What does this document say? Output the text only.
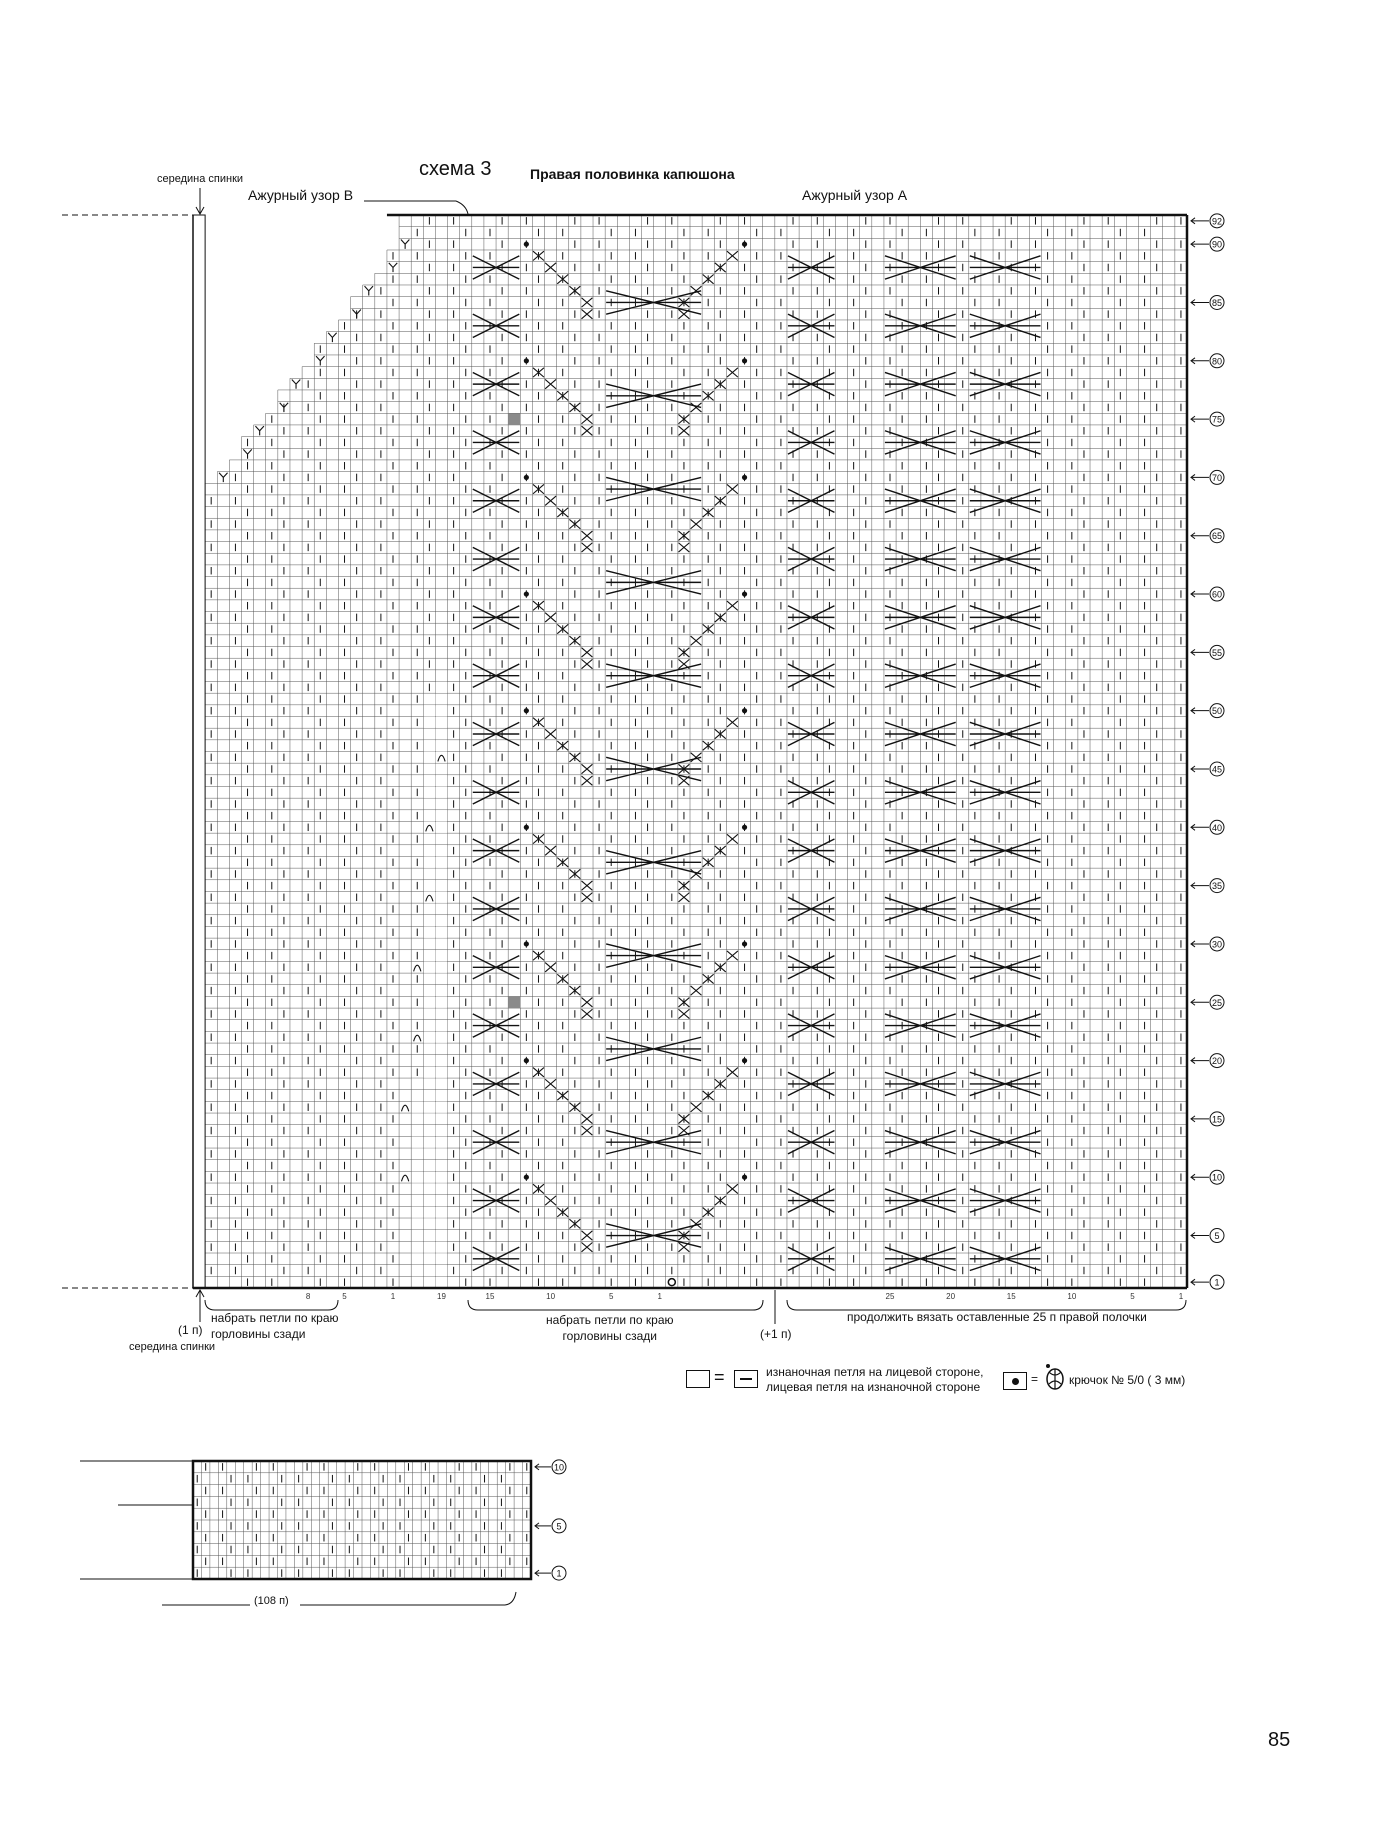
схема 3	Правая половинка капюшона
середина спинки
Ажурный узор B	Ажурный узор A
92
90
85
80
75
70
65
60
55
50
45
40
35
30
25
20
15
10
5
1
8	5	1	19	15	10	5	1	25	20	15	10	5	1
(1 п)
середина спинки
набрать петли по краю
горловины сзади
набрать петли по краю
горловины сзади	(+1 п)
продолжить вязать оставленные 25 п правой полочки
=	изнаночная петля на лицевой стороне,
лицевая петля на изнаночной стороне
=	крючок № 5/0 ( 3 мм)
10
5
1
(108 п)
85
